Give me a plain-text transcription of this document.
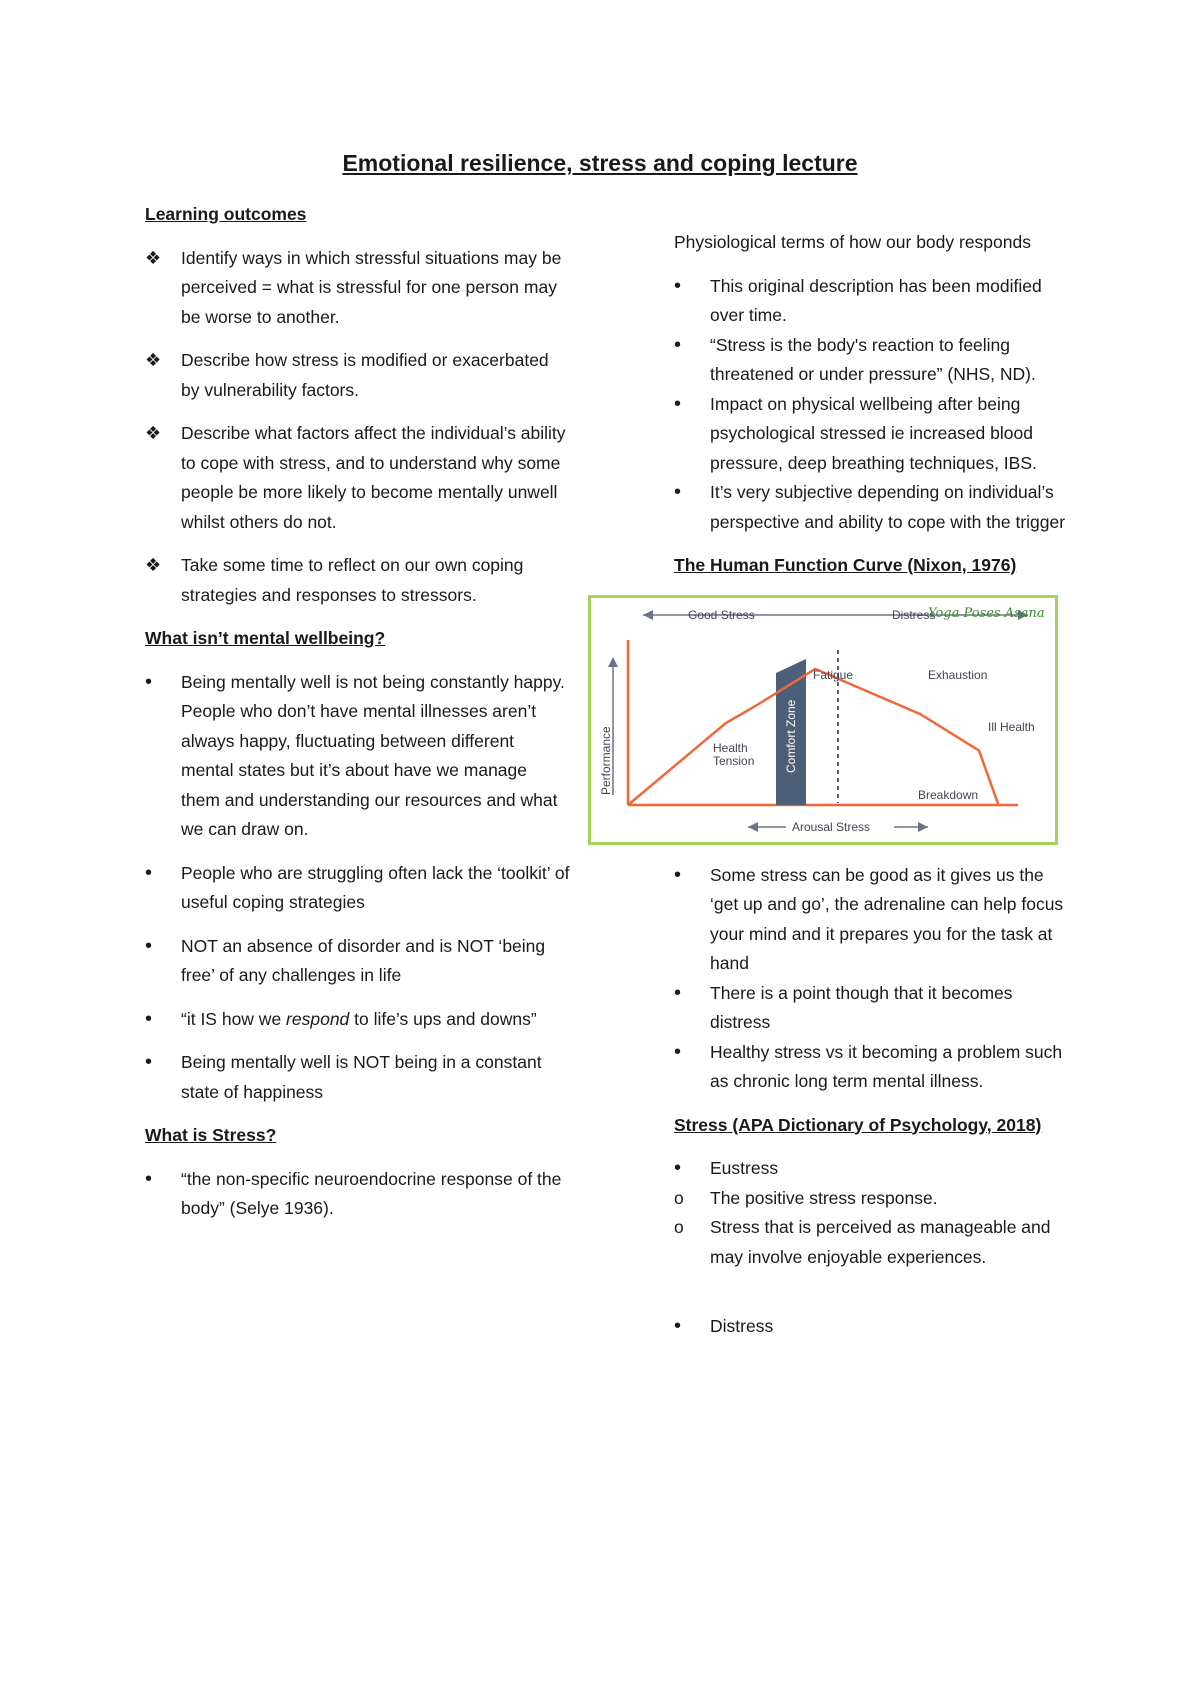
Emotional resilience, stress and coping lecture
Learning outcomes
❖	Identify ways in which stressful situations may be perceived = what is stressful for one person may be worse to another.
❖	Describe how stress is modified or exacerbated by vulnerability factors.
❖	Describe what factors affect the individual’s ability to cope with stress, and to understand why some people be more likely to become mentally unwell whilst others do not.
❖	Take some time to reflect on our own coping strategies and responses to stressors.
What isn’t mental wellbeing?
•	Being mentally well is not being constantly happy. People who don’t have mental illnesses aren’t always happy, fluctuating between different mental states but it’s about have we manage them and understanding our resources and what we can draw on.
•	People who are struggling often lack the ‘toolkit’ of useful coping strategies
•	NOT an absence of disorder and is NOT ‘being free’ of any challenges in life
•	“it IS how we respond to life’s ups and downs”
•	Being mentally well is NOT being in a constant state of happiness
What is Stress?
•	“the non-specific neuroendocrine response of the body” (Selye 1936).
Physiological terms of how our body responds
•	This original description has been modified over time.
•	“Stress is the body's reaction to feeling threatened or under pressure” (NHS, ND).
•	Impact on physical wellbeing after being psychological stressed ie increased blood pressure, deep breathing techniques, IBS.
•	It’s very subjective depending on individual’s perspective and ability to cope with the trigger
The Human Function Curve (Nixon, 1976)
Good Stress	Distress
Yoga Poses Asana
Performance	Comfort Zone
Fatigue	Exhaustion
Ill Health
Health
Tension
Breakdown
Arousal Stress
•	Some stress can be good as it gives us the ‘get up and go’, the adrenaline can help focus your mind and it prepares you for the task at hand
•	There is a point though that it becomes distress
•	Healthy stress vs it becoming a problem such as chronic long term mental illness.
Stress (APA Dictionary of Psychology, 2018)
•	Eustress
o	The positive stress response.
o	Stress that is perceived as manageable and may involve enjoyable experiences.
•	Distress
